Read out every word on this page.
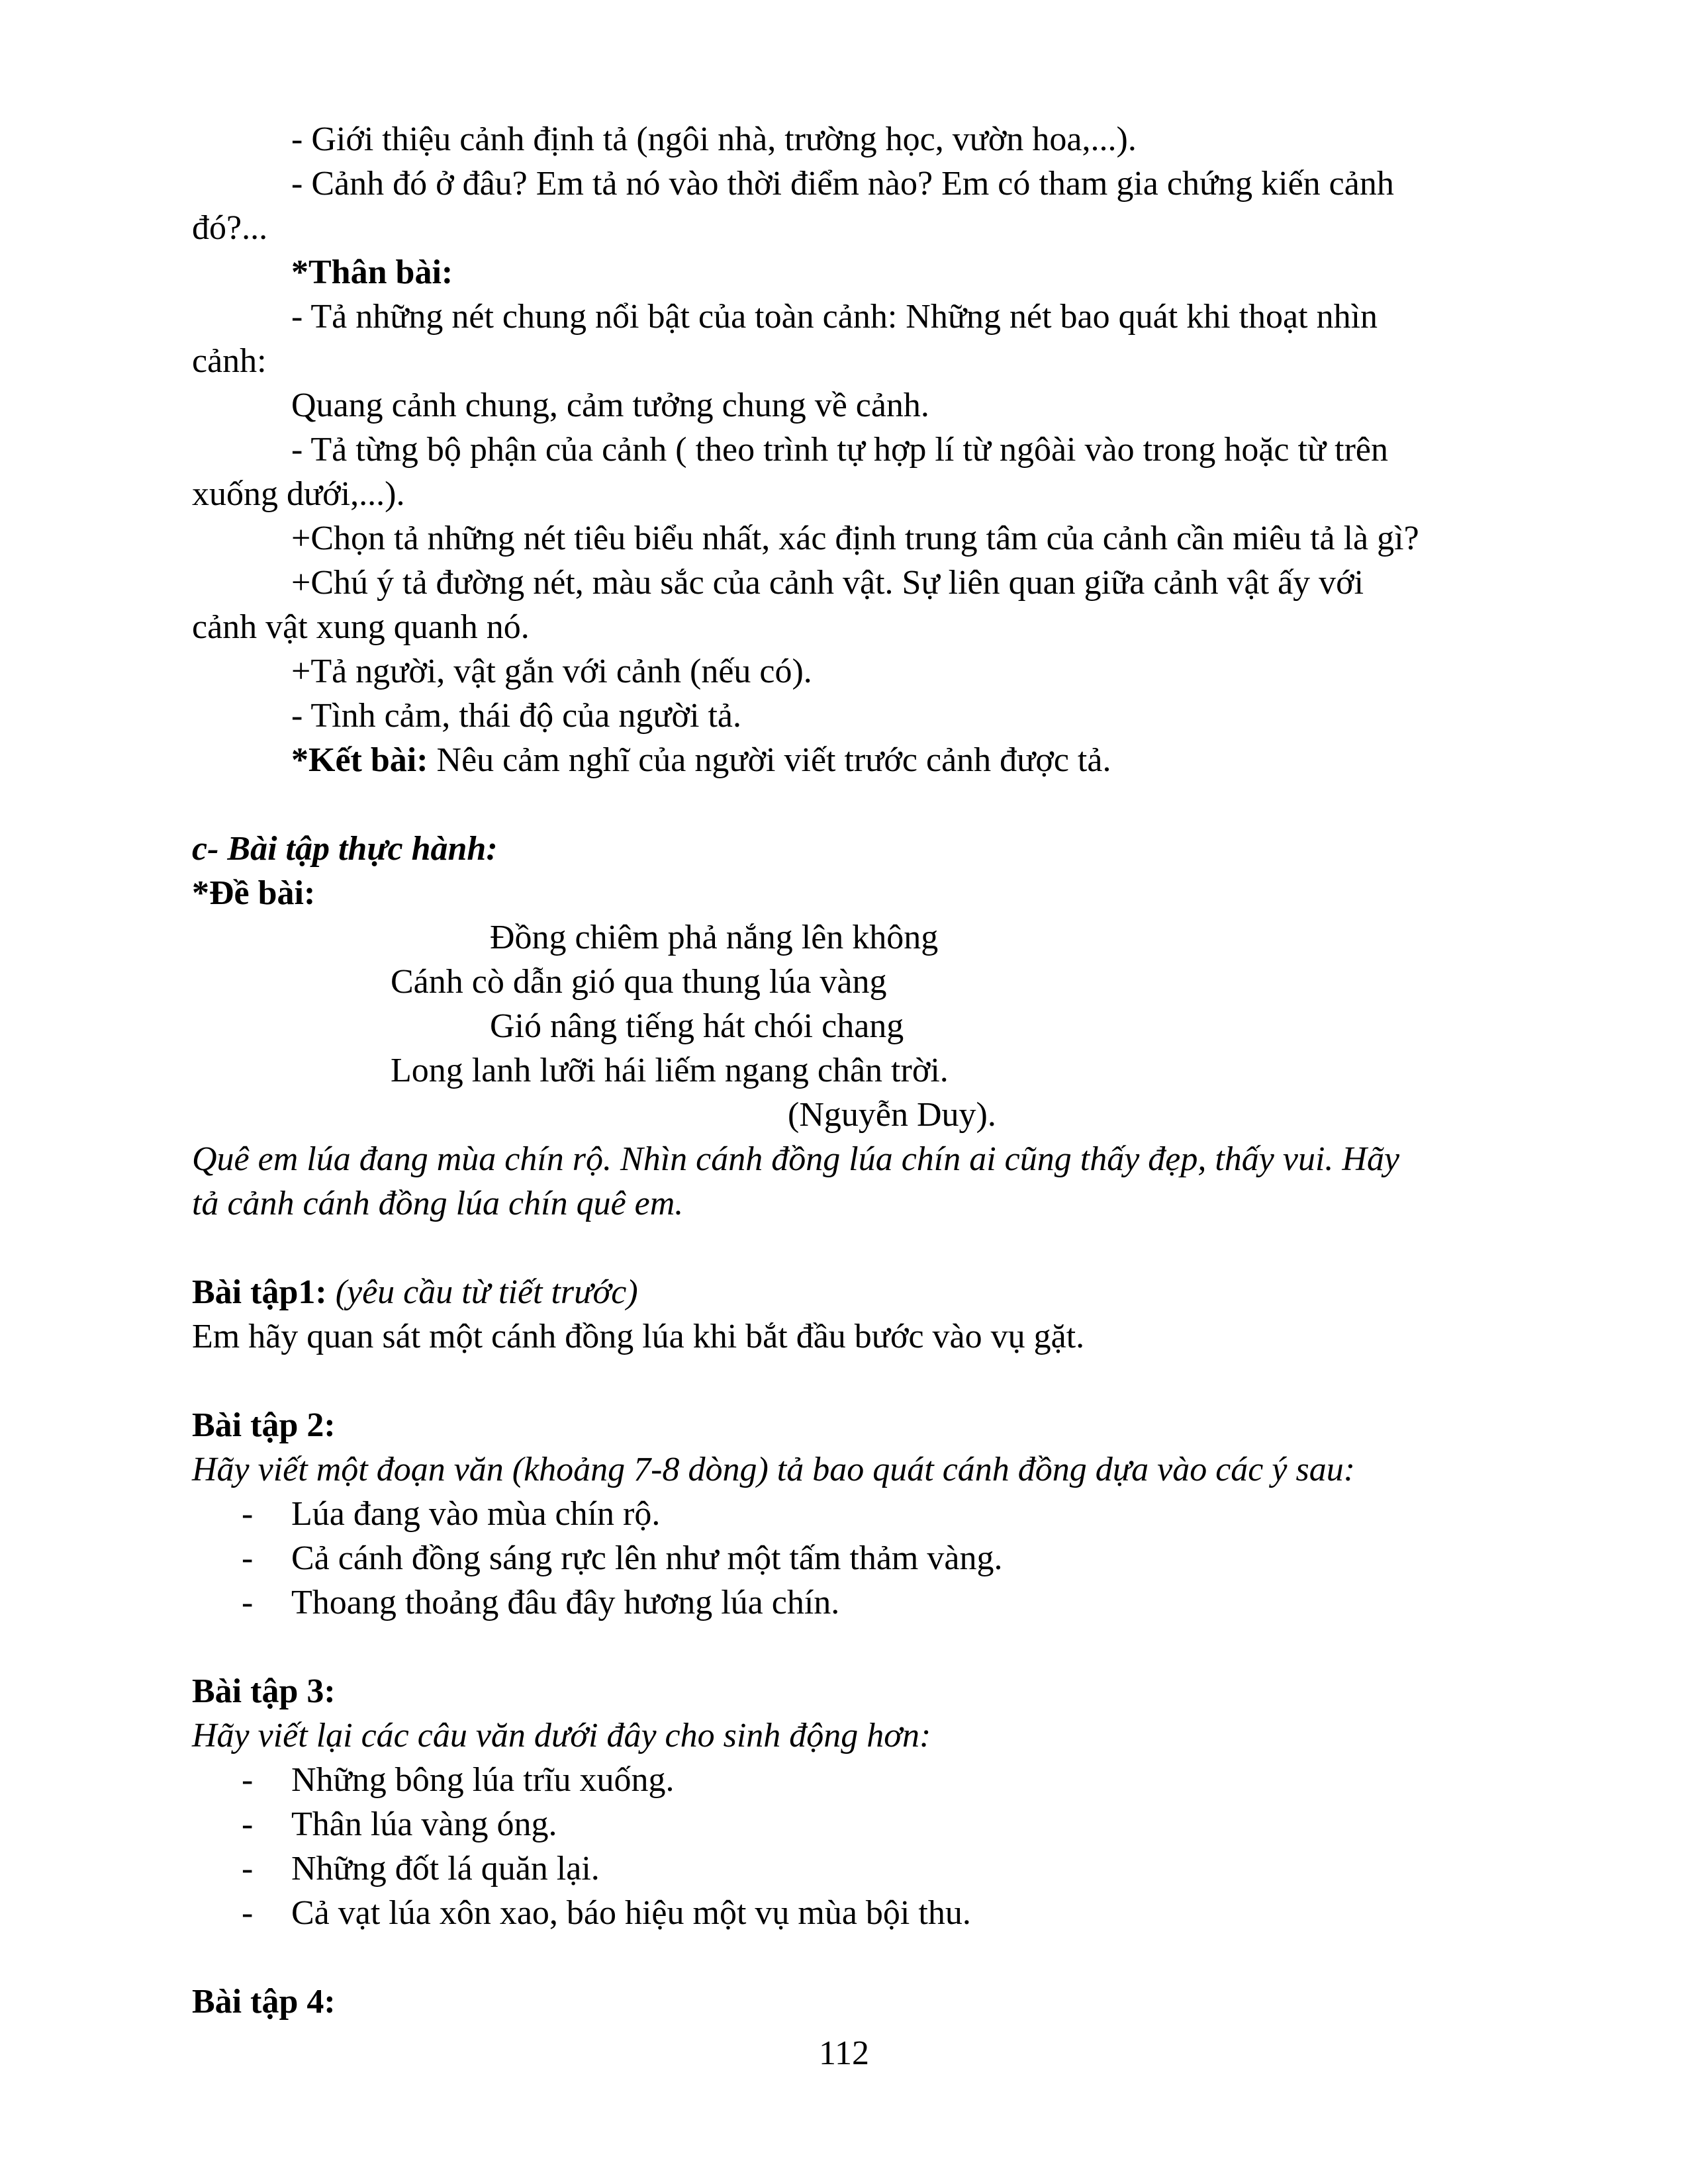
- Giới thiệu cảnh định tả (ngôi nhà, trường học, vườn hoa,...).
- Cảnh đó ở đâu? Em tả nó vào thời điểm nào? Em có tham gia chứng kiến cảnh
đó?...
*Thân bài:
- Tả những nét chung nổi bật của toàn cảnh: Những nét bao quát khi thoạt nhìn
cảnh:
Quang cảnh chung, cảm tưởng chung về cảnh.
- Tả từng bộ phận của cảnh ( theo trình tự hợp lí từ ngôài vào trong hoặc từ trên
xuống dưới,...).
+Chọn tả những nét tiêu biểu nhất, xác định trung tâm của cảnh cần miêu tả là gì?
+Chú ý tả đường nét, màu sắc của cảnh vật. Sự liên quan giữa cảnh vật ấy với
cảnh vật xung quanh nó.
+Tả người, vật gắn với cảnh (nếu có).
- Tình cảm, thái độ của người tả.
*Kết bài: Nêu cảm nghĩ của người viết trước cảnh được tả.
c- Bài tập thực hành:
*Đề bài:
Đồng chiêm phả nắng lên không
Cánh cò dẫn gió qua thung lúa vàng
Gió nâng tiếng hát chói chang
Long lanh lưỡi hái liếm ngang chân trời.
(Nguyễn Duy).
Quê em lúa đang mùa chín rộ. Nhìn cánh đồng lúa chín ai cũng thấy đẹp, thấy vui. Hãy
tả cảnh cánh đồng lúa chín quê em.
Bài tập1: (yêu cầu từ tiết trước)
Em hãy quan sát một cánh đồng lúa khi bắt đầu bước vào vụ gặt.
Bài tập 2:
Hãy viết một đoạn văn (khoảng 7-8 dòng) tả bao quát cánh đồng dựa vào các ý sau:
- Lúa đang vào mùa chín rộ.
- Cả cánh đồng sáng rực lên như một tấm thảm vàng.
- Thoang thoảng đâu đây hương lúa chín.
Bài tập 3:
Hãy viết lại các câu văn dưới đây cho sinh động hơn:
- Những bông lúa trĩu xuống.
- Thân lúa vàng óng.
- Những đốt lá quăn lại.
- Cả vạt lúa xôn xao, báo hiệu một vụ mùa bội thu.
Bài tập 4:
112
